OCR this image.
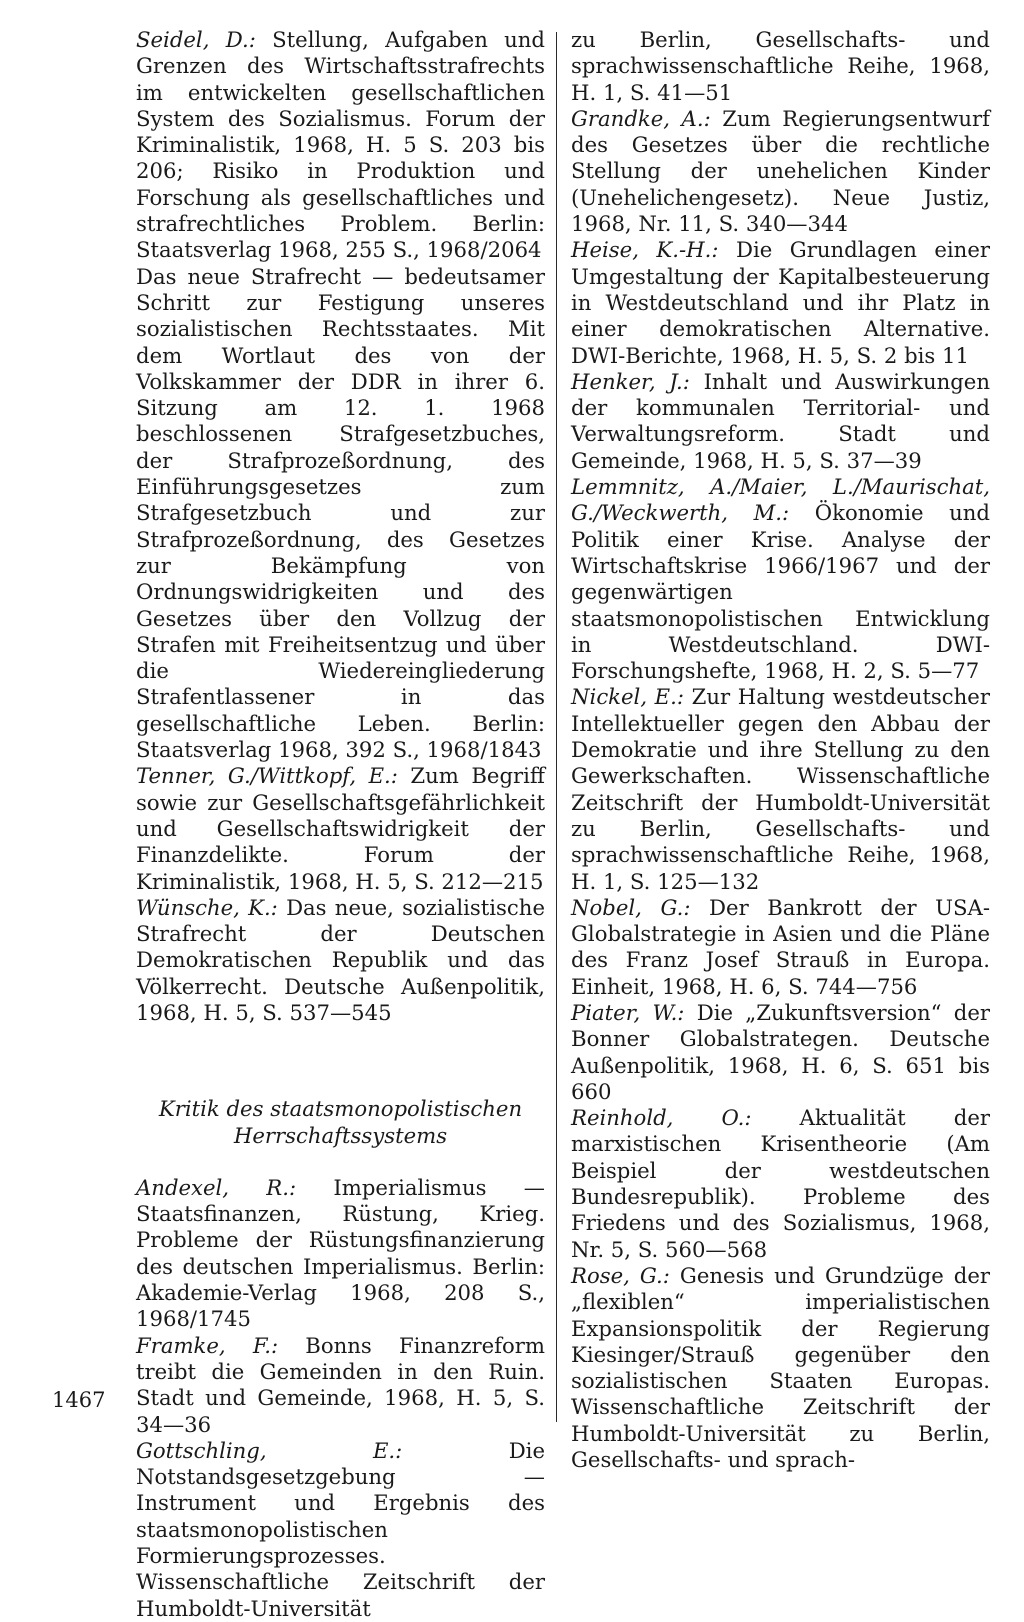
Seidel, D.: Stellung, Aufgaben und Grenzen des Wirtschaftsstrafrechts im entwickelten gesellschaftlichen System des Sozialismus. Forum der Kriminalistik, 1968, H. 5 S. 203 bis 206; Risiko in Produktion und Forschung als gesellschaftliches und strafrechtliches Problem. Berlin: Staatsverlag 1968, 255 S., 1968/2064

Das neue Strafrecht — bedeutsamer Schritt zur Festigung unseres sozialistischen Rechtsstaates. Mit dem Wortlaut des von der Volkskammer der DDR in ihrer 6. Sitzung am 12. 1. 1968 beschlossenen Strafgesetzbuches, der Strafprozeßordnung, des Einführungsgesetzes zum Strafgesetzbuch und zur Strafprozeßordnung, des Gesetzes zur Bekämpfung von Ordnungswidrigkeiten und des Gesetzes über den Vollzug der Strafen mit Freiheitsentzug und über die Wiedereingliederung Strafentlassener in das gesellschaftliche Leben. Berlin: Staatsverlag 1968, 392 S., 1968/1843

Tenner, G./Wittkopf, E.: Zum Begriff sowie zur Gesellschaftsgefährlichkeit und Gesellschaftswidrigkeit der Finanzdelikte. Forum der Kriminalistik, 1968, H. 5, S. 212—215

Wünsche, K.: Das neue, sozialistische Strafrecht der Deutschen Demokratischen Republik und das Völkerrecht. Deutsche Außenpolitik, 1968, H. 5, S. 537—545

Kritik des staatsmonopolistischen
Herrschaftssystems

Andexel, R.: Imperialismus — Staatsfinanzen, Rüstung, Krieg. Probleme der Rüstungsfinanzierung des deutschen Imperialismus. Berlin: Akademie-Verlag 1968, 208 S., 1968/1745

Framke, F.: Bonns Finanzreform treibt die Gemeinden in den Ruin. Stadt und Gemeinde, 1968, H. 5, S. 34—36

Gottschling, E.:	Die Notstandsgesetzgebung — Instrument und Ergebnis des staatsmonopolistischen Formierungsprozesses. Wissenschaftliche Zeitschrift der Humboldt-Universität

zu Berlin, Gesellschafts- und sprachwissenschaftliche Reihe, 1968, H. 1, S. 41—51

Grandke, A.: Zum Regierungsentwurf des Gesetzes über die rechtliche Stellung der unehelichen Kinder (Unehelichengesetz). Neue Justiz, 1968, Nr. 11, S. 340—344

Heise, K.-H.: Die Grundlagen einer Umgestaltung der Kapitalbesteuerung in Westdeutschland und ihr Platz in einer demokratischen Alternative. DWI-Berichte, 1968, H. 5, S. 2 bis 11

Henker, J.: Inhalt und Auswirkungen der kommunalen Territorial- und Verwaltungsreform. Stadt und Gemeinde, 1968, H. 5, S. 37—39

Lemmnitz, A./Maier, L./Maurischat, G./Weckwerth, M.: Ökonomie und Politik einer Krise. Analyse der Wirtschaftskrise 1966/1967 und der gegenwärtigen staatsmonopolistischen Entwicklung in Westdeutschland. DWI-Forschungshefte, 1968, H. 2, S. 5—77

Nickel, E.: Zur Haltung westdeutscher Intellektueller gegen den Abbau der Demokratie und ihre Stellung zu den Gewerkschaften. Wissenschaftliche Zeitschrift der Humboldt-Universität zu Berlin, Gesellschafts- und sprachwissenschaftliche Reihe, 1968, H. 1, S. 125—132

Nobel, G.: Der Bankrott der USA-Globalstrategie in Asien und die Pläne des Franz Josef Strauß in Europa. Einheit, 1968, H. 6, S. 744—756

Piater, W.: Die „Zukunftsversion“ der Bonner Globalstrategen. Deutsche Außenpolitik, 1968, H. 6, S. 651 bis 660

Reinhold, O.: Aktualität der marxistischen Krisentheorie (Am Beispiel der westdeutschen Bundesrepublik). Probleme des Friedens und des Sozialismus, 1968, Nr. 5, S. 560—568

Rose, G.: Genesis und Grundzüge der „flexiblen“ imperialistischen Expansionspolitik der Regierung Kiesinger/Strauß gegenüber den sozialistischen Staaten Europas. Wissenschaftliche Zeitschrift der Humboldt-Universität zu Berlin, Gesellschafts- und sprach-

1467
